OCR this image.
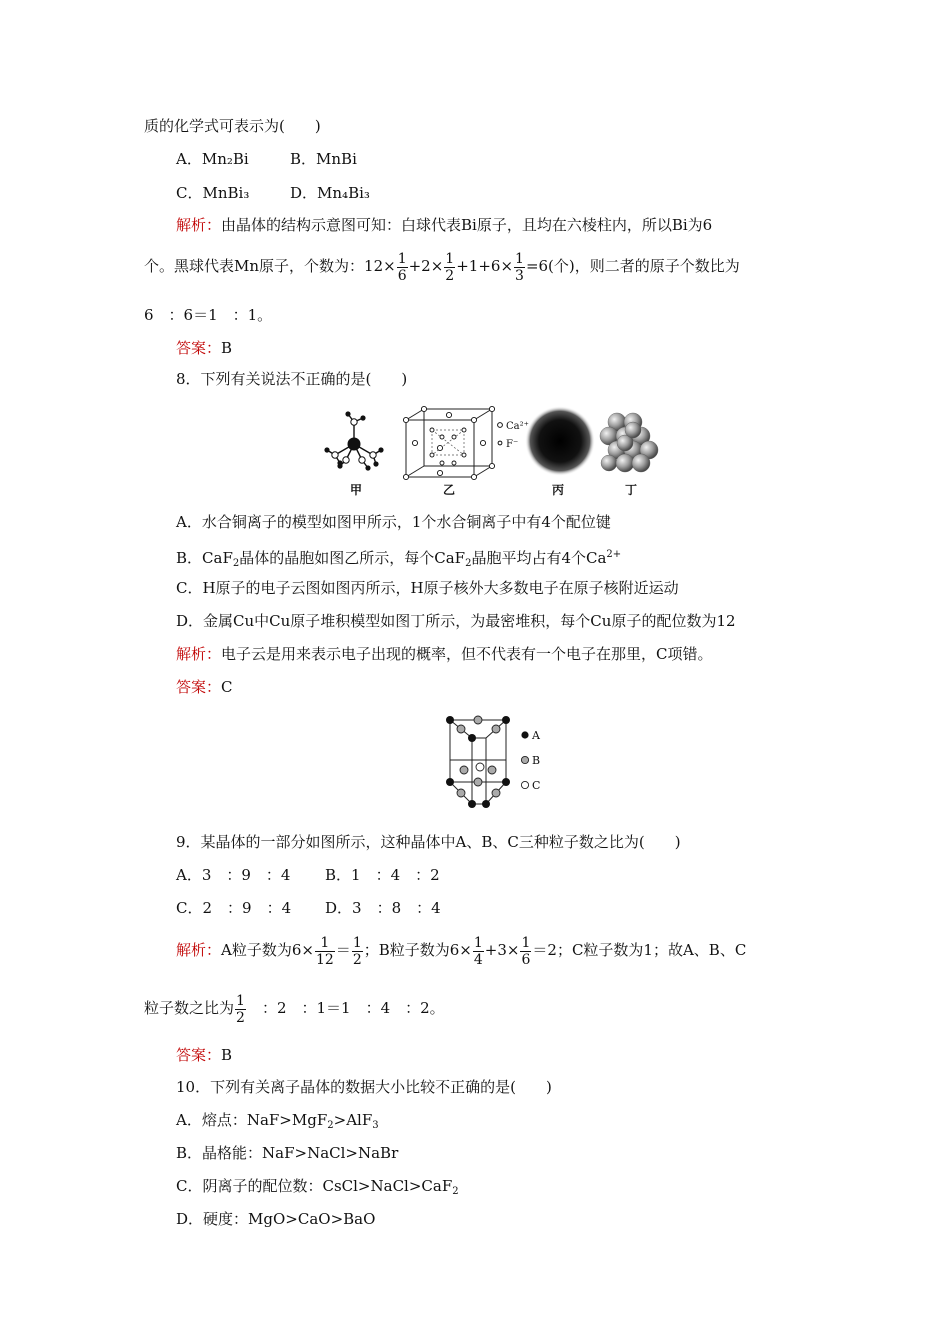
质的化学式可表示为(　　)
A．Mn₂Bi	B．MnBi
C．MnBi₃	D．Mn₄Bi₃
解析：由晶体的结构示意图可知：白球代表Bi原子，且均在六棱柱内，所以Bi为6
个。黑球代表Mn原子，个数为：$12\times \frac{1}{6} +2\times \frac{1}{2} +1+6\times \frac{1}{3} =6$(个)，则二者的原子个数比为
6　：6＝1　：1。
答案：B
8．下列有关说法不正确的是(　　)
Ca²⁺
F⁻
甲	乙	丙	丁
A．水合铜离子的模型如图甲所示，1个水合铜离子中有4个配位键
B．CaF$_2$晶体的晶胞如图乙所示，每个CaF$_2$晶胞平均占有4个$Ca^{2+}$
C．H原子的电子云图如图丙所示，H原子核外大多数电子在原子核附近运动
D．金属Cu中Cu原子堆积模型如图丁所示，为最密堆积，每个Cu原子的配位数为12
解析：电子云是用来表示电子出现的概率，但不代表有一个电子在那里，C项错。
答案：C
A
B
C
9．某晶体的一部分如图所示，这种晶体中A、B、C三种粒子数之比为(　　)
A．3　：9　：4 B．1　：4　：2
C．2　：9　：4 D．3　：8　：4
解析：A粒子数为$6\times \frac{1}{12} = \frac{1}{2}$ ；B粒子数为$6\times \frac{1}{4} +3\times \frac{1}{6} =2$；C粒子数为1；故A、B、C
粒子数之比为 $\frac{1}{2}$ 　：2　：1＝1　：4　：2。
答案：B
10．下列有关离子晶体的数据大小比较不正确的是(　　)
A．熔点：NaF>MgF$_2$>AlF$_3$
B．晶格能：NaF>NaCl>NaBr
C．阴离子的配位数：CsCl>NaCl>CaF$_2$
D．硬度：MgO>CaO>BaO
